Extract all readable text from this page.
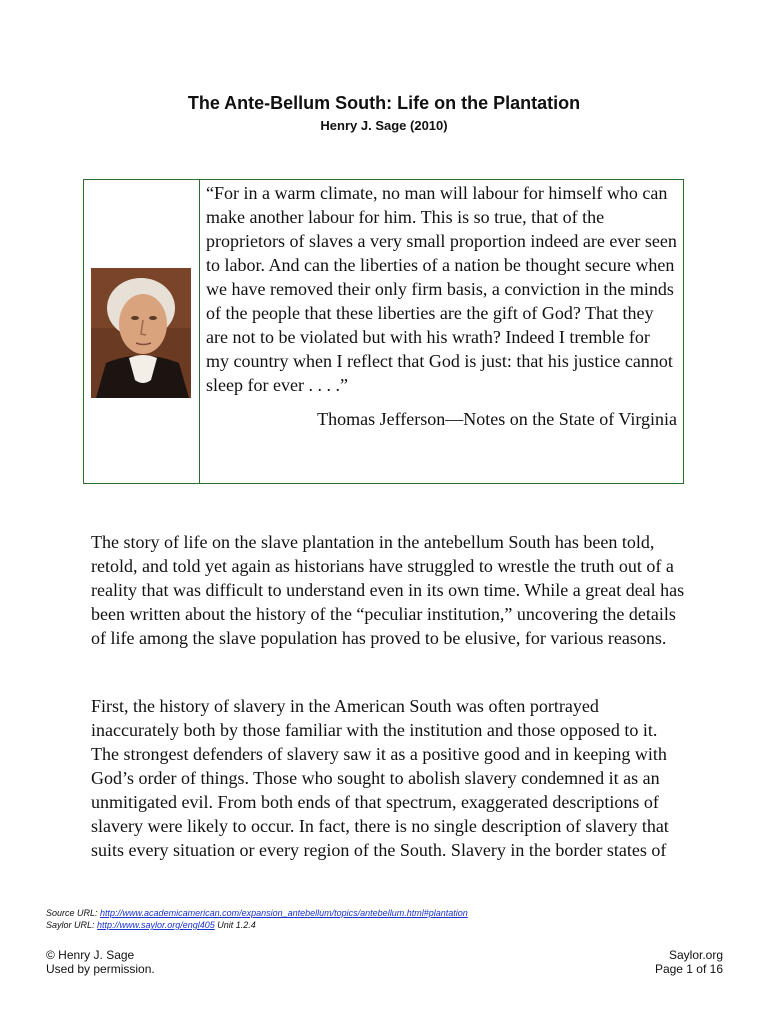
The Ante-Bellum South: Life on the Plantation
Henry J. Sage (2010)

“For in a warm climate, no man will labour for himself who can make another labour for him. This is so true, that of the proprietors of slaves a very small proportion indeed are ever seen to labor. And can the liberties of a nation be thought secure when we have removed their only firm basis, a conviction in the minds of the people that these liberties are the gift of God? That they are not to be violated but with his wrath? Indeed I tremble for my country when I reflect that God is just: that his justice cannot sleep for ever . . . .”

Thomas Jefferson—Notes on the State of Virginia

The story of life on the slave plantation in the antebellum South has been told, retold, and told yet again as historians have struggled to wrestle the truth out of a reality that was difficult to understand even in its own time. While a great deal has been written about the history of the “peculiar institution,” uncovering the details of life among the slave population has proved to be elusive, for various reasons.

First, the history of slavery in the American South was often portrayed inaccurately both by those familiar with the institution and those opposed to it. The strongest defenders of slavery saw it as a positive good and in keeping with God’s order of things. Those who sought to abolish slavery condemned it as an unmitigated evil. From both ends of that spectrum, exaggerated descriptions of slavery were likely to occur. In fact, there is no single description of slavery that suits every situation or every region of the South. Slavery in the border states of

Source URL: http://www.academicamerican.com/expansion_antebellum/topics/antebellum.html#plantation
Saylor URL: http://www.saylor.org/engl405 Unit 1.2.4
© Henry J. Sage
Used by permission.
Saylor.org
Page 1 of 16
